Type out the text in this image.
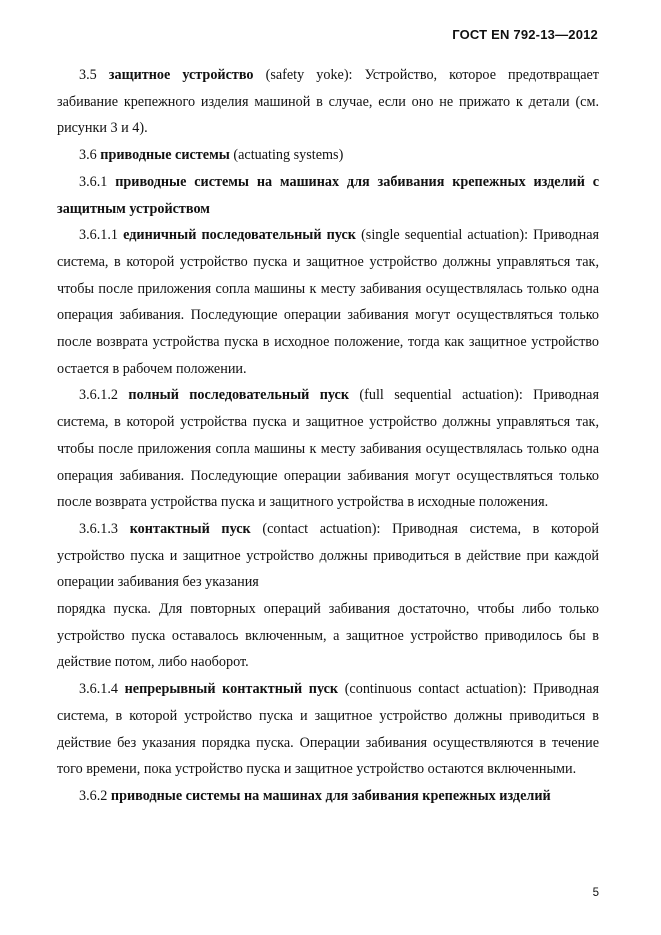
ГОСТ EN 792-13—2012

3.5 защитное устройство (safety yoke): Устройство, которое предотвращает забивание крепежного изделия машиной в случае, если оно не прижато к детали (см. рисунки 3 и 4).

3.6 приводные системы (actuating systems)

3.6.1 приводные системы на машинах для забивания крепежных изделий с защитным устройством

3.6.1.1 единичный последовательный пуск (single sequential actuation): Приводная система, в которой устройство пуска и защитное устройство должны управляться так, чтобы после приложения сопла машины к месту забивания осуществлялась только одна операция забивания. Последующие операции забивания могут осуществляться только после возврата устройства пуска в исходное положение, тогда как защитное устройство остается в рабочем положении.

3.6.1.2 полный последовательный пуск (full sequential actuation): Приводная система, в которой устройства пуска и защитное устройство должны управляться так, чтобы после приложения сопла машины к месту забивания осуществлялась только одна операция забивания. Последующие операции забивания могут осуществляться только после возврата устройства пуска и защитного устройства в исходные положения.

3.6.1.3 контактный пуск (contact actuation): Приводная система, в которой устройство пуска и защитное устройство должны приводиться в действие при каждой операции забивания без указания

порядка пуска. Для повторных операций забивания достаточно, чтобы либо только устройство пуска оставалось включенным, а защитное устройство приводилось бы в действие потом, либо наоборот.

3.6.1.4 непрерывный контактный пуск (continuous contact actuation): Приводная система, в которой устройство пуска и защитное устройство должны приводиться в действие без указания порядка пуска. Операции забивания осуществляются в течение того времени, пока устройство пуска и защитное устройство остаются включенными.

3.6.2 приводные системы на машинах для забивания крепежных изделий

5
